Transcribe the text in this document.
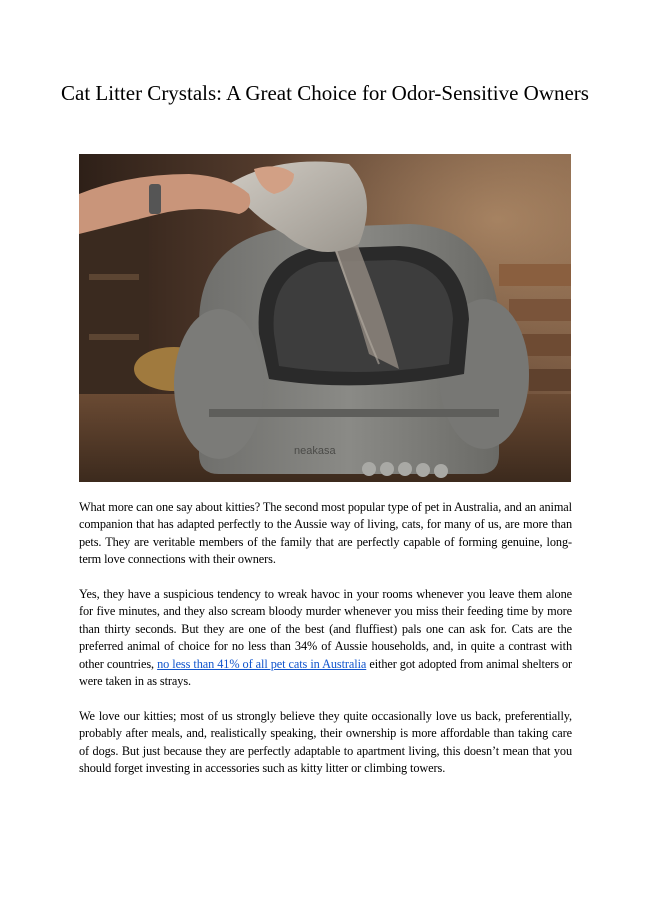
Cat Litter Crystals: A Great Choice for Odor-Sensitive Owners
neakasa

What more can one say about kitties? The second most popular type of pet in Australia, and an animal companion that has adapted perfectly to the Aussie way of living, cats, for many of us, are more than pets. They are veritable members of the family that are perfectly capable of forming genuine, long-term love connections with their owners.

Yes, they have a suspicious tendency to wreak havoc in your rooms whenever you leave them alone for five minutes, and they also scream bloody murder whenever you miss their feeding time by more than thirty seconds. But they are one of the best (and fluffiest) pals one can ask for. Cats are the preferred animal of choice for no less than 34% of Aussie households, and, in quite a contrast with other countries, no less than 41% of all pet cats in Australia either got adopted from animal shelters or were taken in as strays.

We love our kitties; most of us strongly believe they quite occasionally love us back, preferentially, probably after meals, and, realistically speaking, their ownership is more affordable than taking care of dogs. But just because they are perfectly adaptable to apartment living, this doesn’t mean that you should forget investing in accessories such as kitty litter or climbing towers.
